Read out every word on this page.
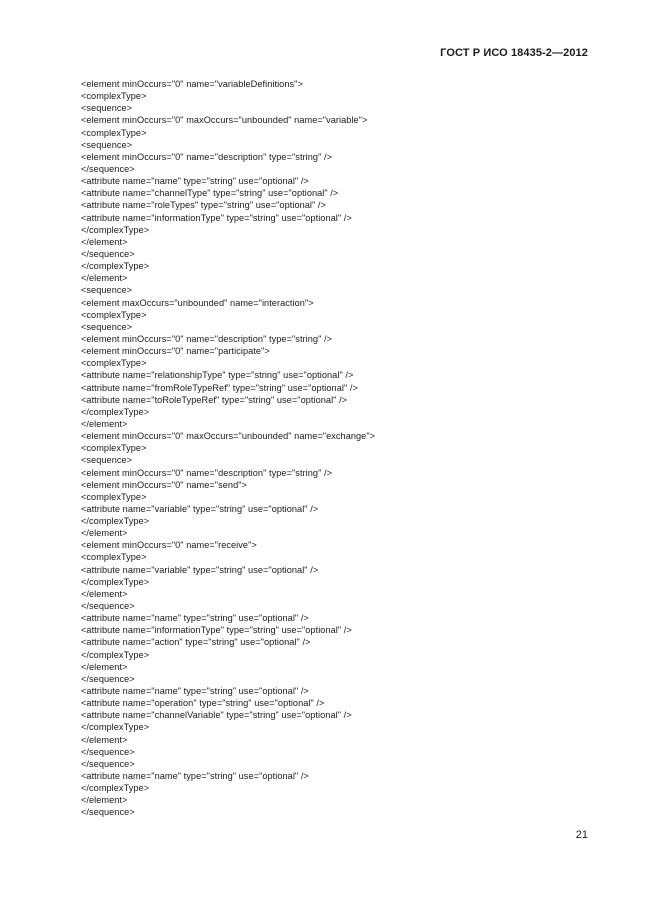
ГОСТ Р ИСО 18435-2—2012
<element minOccurs="0" name="variableDefinitions">
<complexType>
<sequence>
<element minOccurs="0" maxOccurs="unbounded" name="variable">
<complexType>
<sequence>
<element minOccurs="0" name="description" type="string" />
</sequence>
<attribute name="name" type="string" use="optional" />
<attribute name="channelType" type="string" use="optional" />
<attribute name="roleTypes" type="string" use="optional" />
<attribute name="informationType" type="string" use="optional" />
</complexType>
</element>
</sequence>
</complexType>
</element>
<sequence>
<element maxOccurs="unbounded" name="interaction">
<complexType>
<sequence>
<element minOccurs="0" name="description" type="string" />
<element minOccurs="0" name="participate">
<complexType>
<attribute name="relationshipType" type="string" use="optional" />
<attribute name="fromRoleTypeRef" type="string" use="optional" />
<attribute name="toRoleTypeRef" type="string" use="optional" />
</complexType>
</element>
<element minOccurs="0" maxOccurs="unbounded" name="exchange">
<complexType>
<sequence>
<element minOccurs="0" name="description" type="string" />
<element minOccurs="0" name="send">
<complexType>
<attribute name="variable" type="string" use="optional" />
</complexType>
</element>
<element minOccurs="0" name="receive">
<complexType>
<attribute name="variable" type="string" use="optional" />
</complexType>
</element>
</sequence>
<attribute name="name" type="string" use="optional" />
<attribute name="informationType" type="string" use="optional" />
<attribute name="action" type="string" use="optional" />
</complexType>
</element>
</sequence>
<attribute name="name" type="string" use="optional" />
<attribute name="operation" type="string" use="optional" />
<attribute name="channelVariable" type="string" use="optional" />
</complexType>
</element>
</sequence>
</sequence>
<attribute name="name" type="string" use="optional" />
</complexType>
</element>
</sequence>
21
